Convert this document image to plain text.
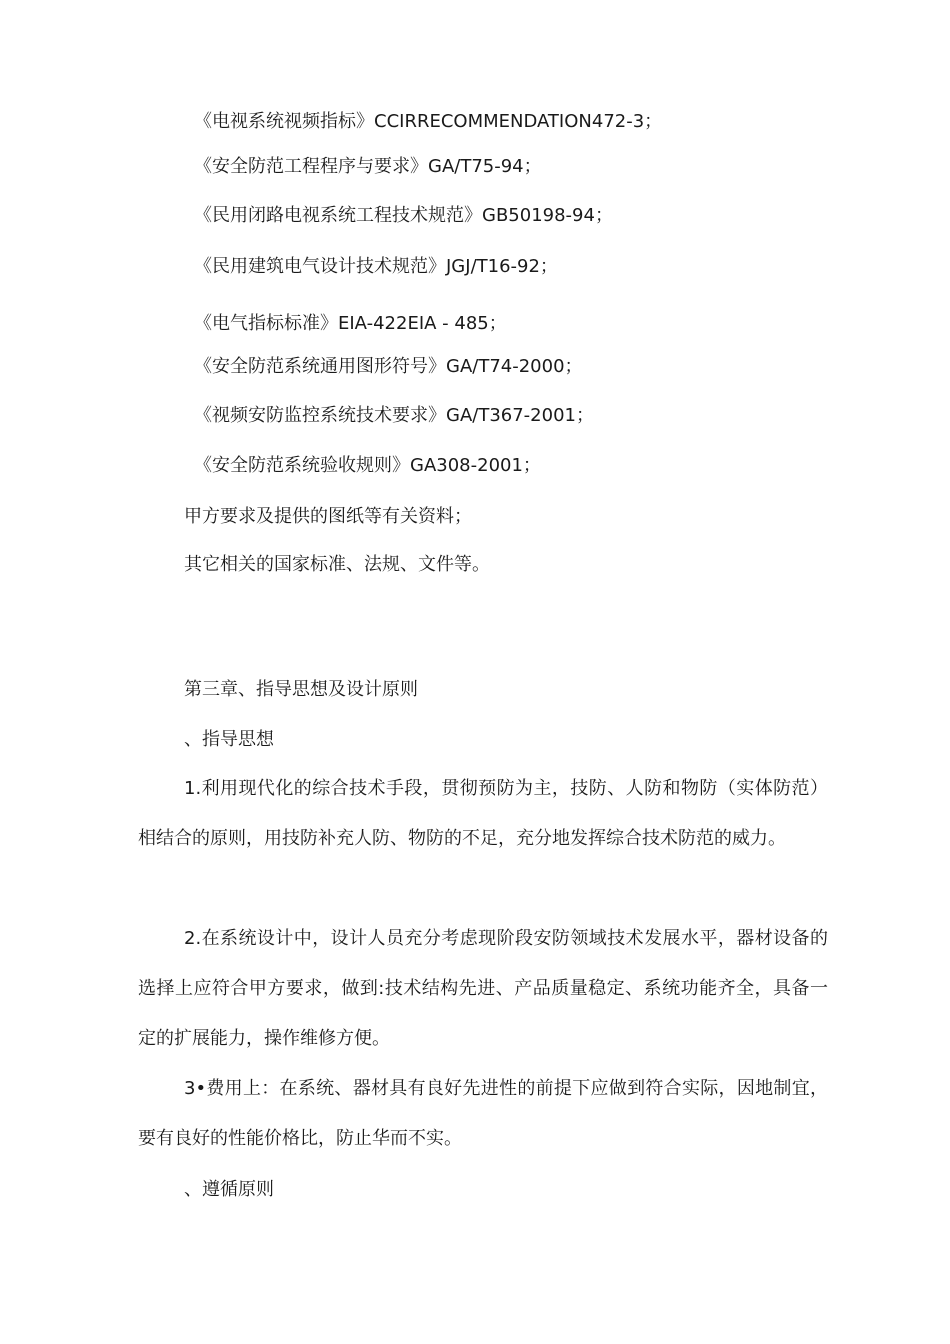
《电视系统视频指标》CCIRRECOMMENDATION472-3；
《安全防范工程程序与要求》GA/T75-94；
《民用闭路电视系统工程技术规范》GB50198-94；
《民用建筑电气设计技术规范》JGJ/T16-92；
《电气指标标准》EIA-422EIA - 485；
《安全防范系统通用图形符号》GA/T74-2000；
《视频安防监控系统技术要求》GA/T367-2001；
《安全防范系统验收规则》GA308-2001；
甲方要求及提供的图纸等有关资料；
其它相关的国家标准、法规、文件等。
第三章、指导思想及设计原则
、指导思想
1.利用现代化的综合技术手段，贯彻预防为主，技防、人防和物防（实体防范）相结合的原则，用技防补充人防、物防的不足，充分地发挥综合技术防范的威力。
2.在系统设计中，设计人员充分考虑现阶段安防领域技术发展水平，器材设备的选择上应符合甲方要求，做到:技术结构先进、产品质量稳定、系统功能齐全，具备一定的扩展能力，操作维修方便。
3•费用上：在系统、器材具有良好先进性的前提下应做到符合实际，因地制宜，要有良好的性能价格比，防止华而不实。
、遵循原则
